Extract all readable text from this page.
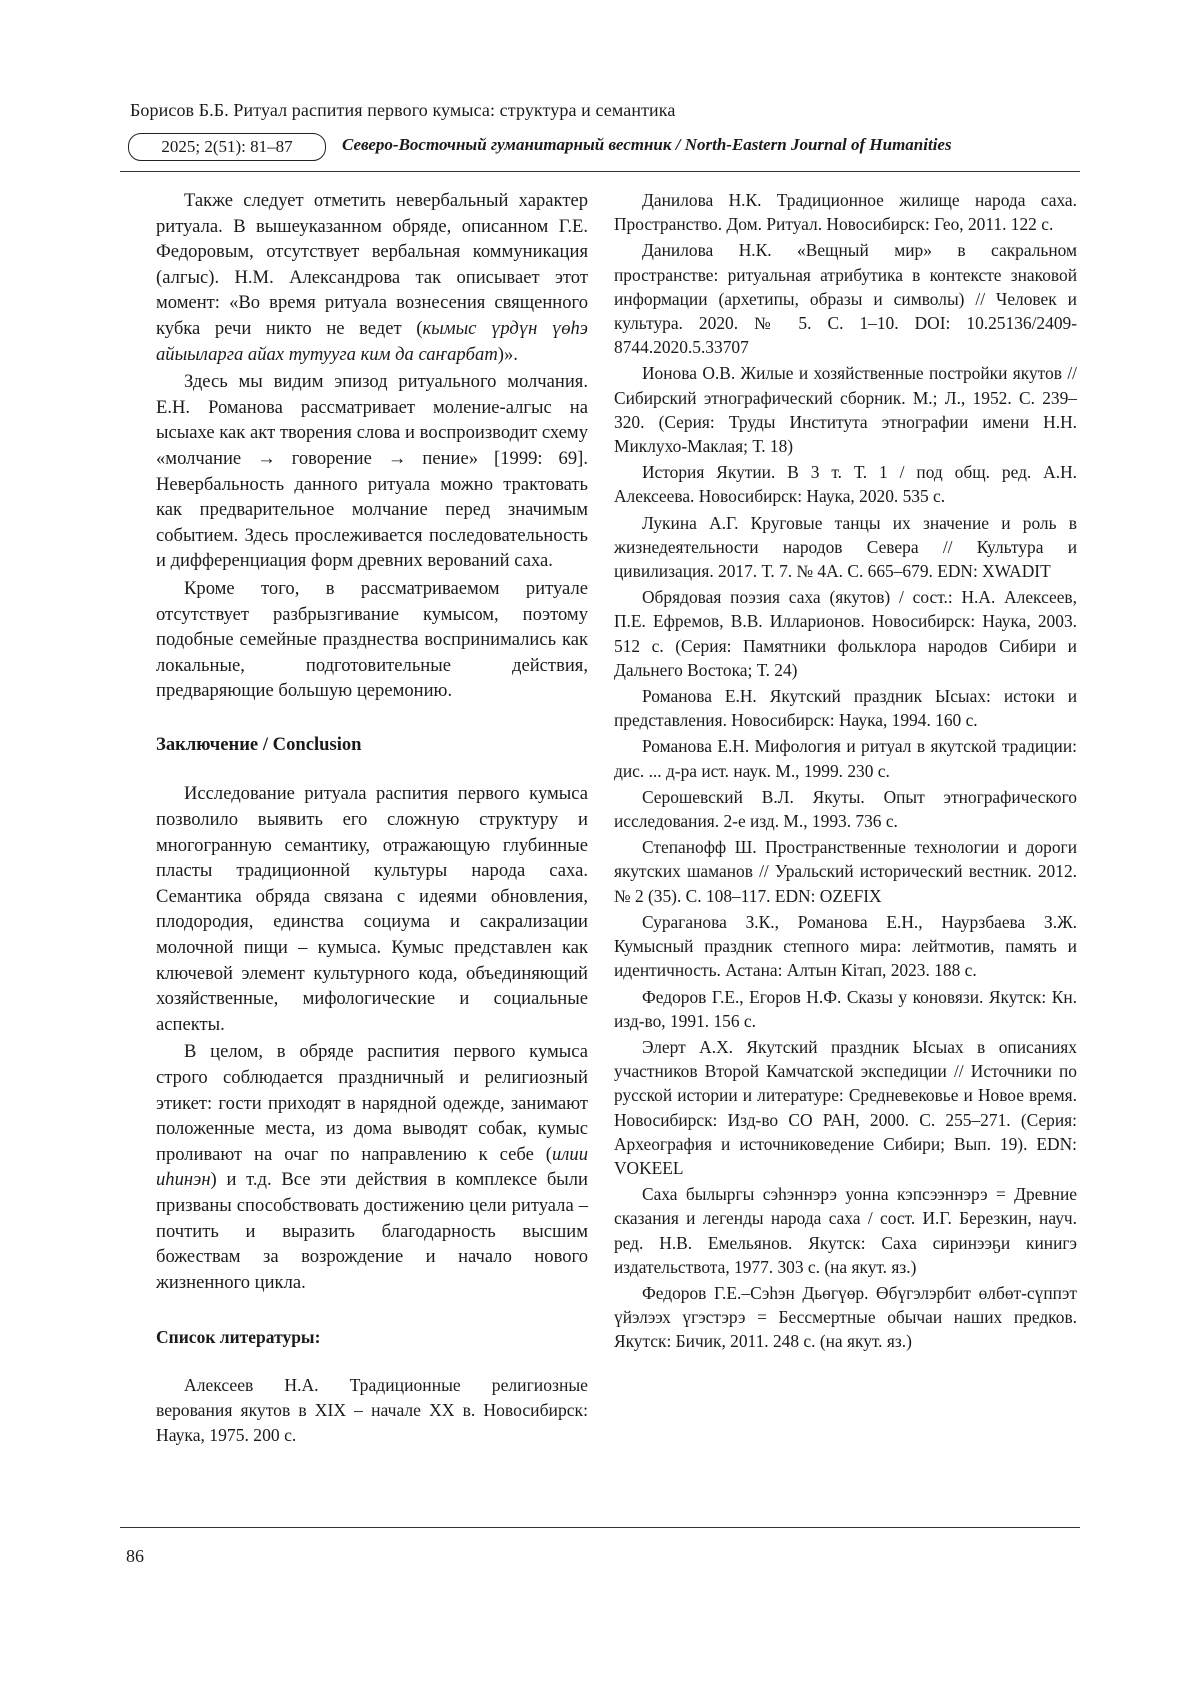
Борисов Б.Б. Ритуал распития первого кумыса: структура и семантика
2025; 2(51): 81–87	Северо-Восточный гуманитарный вестник / North-Eastern Journal of Humanities

Также следует отметить невербальный характер ритуала. В вышеуказанном обряде, описанном Г.Е. Федоровым, отсутствует вербальная коммуникация (алгыс). Н.М. Александрова так описывает этот момент: «Во время ритуала вознесения священного кубка речи никто не ведет (кымыс үрдүн үөһэ айыыларга айах тутууга ким да саҥарбат)».

Здесь мы видим эпизод ритуального молчания. Е.Н. Романова рассматривает моление-алгыс на ысыахе как акт творения слова и воспроизводит схему «молчание → говорение → пение» [1999: 69]. Невербальность данного ритуала можно трактовать как предварительное молчание перед значимым событием. Здесь прослеживается последовательность и дифференциация форм древних верований саха.

Кроме того, в рассматриваемом ритуале отсутствует разбрызгивание кумысом, поэтому подобные семейные празднества воспринимались как локальные, подготовительные действия, предваряющие большую церемонию.

Заключение / Conclusion

Исследование ритуала распития первого кумыса позволило выявить его сложную структуру и многогранную семантику, отражающую глубинные пласты традиционной культуры народа саха. Семантика обряда связана с идеями обновления, плодородия, единства социума и сакрализации молочной пищи – кумыса. Кумыс представлен как ключевой элемент культурного кода, объединяющий хозяйственные, мифологические и социальные аспекты.

В целом, в обряде распития первого кумыса строго соблюдается праздничный и религиозный этикет: гости приходят в нарядной одежде, занимают положенные места, из дома выводят собак, кумыс проливают на очаг по направлению к себе (илии иһинэн) и т.д. Все эти действия в комплексе были призваны способствовать достижению цели ритуала – почтить и выразить благодарность высшим божествам за возрождение и начало нового жизненного цикла.

Список литературы:

Алексеев Н.А. Традиционные религиозные верования якутов в XIX – начале XX в. Новосибирск: Наука, 1975. 200 с.

Данилова Н.К. Традиционное жилище народа саха. Пространство. Дом. Ритуал. Новосибирск: Гео, 2011. 122 с.

Данилова Н.К. «Вещный мир» в сакральном пространстве: ритуальная атрибутика в контексте знаковой информации (архетипы, образы и символы) // Человек и культура. 2020. № 5. С. 1–10. DOI: 10.25136/2409-8744.2020.5.33707

Ионова О.В. Жилые и хозяйственные постройки якутов // Сибирский этнографический сборник. М.; Л., 1952. С. 239–320. (Серия: Труды Института этнографии имени Н.Н. Миклухо-Маклая; Т. 18)

История Якутии. В 3 т. Т. 1 / под общ. ред. А.Н. Алексеева. Новосибирск: Наука, 2020. 535 с.

Лукина А.Г. Круговые танцы их значение и роль в жизнедеятельности народов Севера // Культура и цивилизация. 2017. Т. 7. № 4А. С. 665–679. EDN: XWADIT

Обрядовая поэзия саха (якутов) / сост.: Н.А. Алексеев, П.Е. Ефремов, В.В. Илларионов. Новосибирск: Наука, 2003. 512 с. (Серия: Памятники фольклора народов Сибири и Дальнего Востока; Т. 24)

Романова Е.Н. Якутский праздник Ысыах: истоки и представления. Новосибирск: Наука, 1994. 160 с.

Романова Е.Н. Мифология и ритуал в якутской традиции: дис. ... д-ра ист. наук. М., 1999. 230 с.

Серошевский В.Л. Якуты. Опыт этнографического исследования. 2-е изд. М., 1993. 736 с.

Степанофф Ш. Пространственные технологии и дороги якутских шаманов // Уральский исторический вестник. 2012. № 2 (35). С. 108–117. EDN: OZEFIX

Сураганова З.К., Романова Е.Н., Наурзбаева З.Ж. Кумысный праздник степного мира: лейтмотив, память и идентичность. Астана: Алтын Кітап, 2023. 188 с.

Федоров Г.Е., Егоров Н.Ф. Сказы у коновязи. Якутск: Кн. изд-во, 1991. 156 с.

Элерт А.Х. Якутский праздник Ысыах в описаниях участников Второй Камчатской экспедиции // Источники по русской истории и литературе: Средневековье и Новое время. Новосибирск: Изд-во СО РАН, 2000. С. 255–271. (Серия: Археография и источниковедение Сибири; Вып. 19). EDN: VOKEEL

Саха былыргы сэһэннэрэ уонна кэпсээннэрэ = Древние сказания и легенды народа саха / сост. И.Г. Березкин, науч. ред. Н.В. Емельянов. Якутск: Саха сиринээҕи кинигэ издательствота, 1977. 303 с. (на якут. яз.)

Федоров Г.Е.–Сэһэн Дьөгүөр. Өбүгэлэрбит өлбөт-сүппэт үйэлээх үгэстэрэ = Бессмертные обычаи наших предков. Якутск: Бичик, 2011. 248 с. (на якут. яз.)

86
